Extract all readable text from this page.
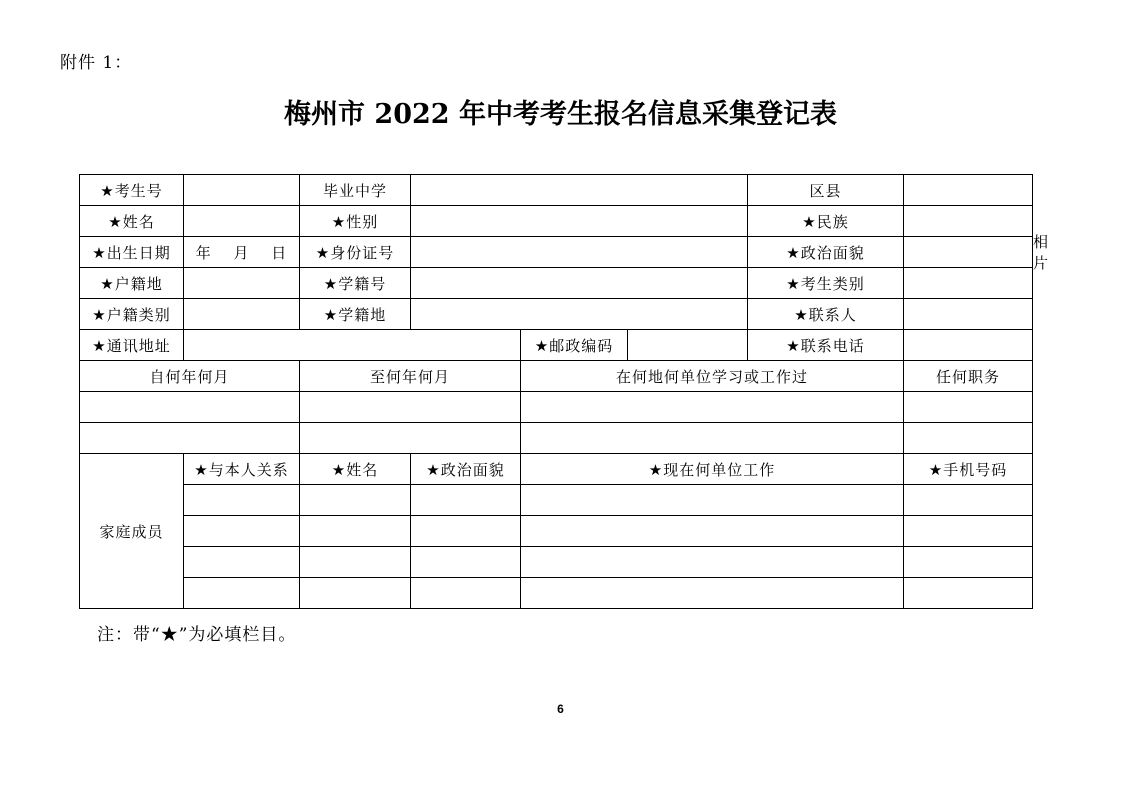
附件 1：
梅州市 2022 年中考考生报名信息采集登记表
★考生号		毕业中学				区县		相片
★姓名		★性别				★民族		
★出生日期	年　 月　 日	★身份证号				★政治面貌		
★户籍地		★学籍号				★考生类别		
★户籍类别		★学籍地				★联系人		
★通讯地址				★邮政编码		★联系电话		
自何年何月		至何年何月		在何地何单位学习或工作过			任何职务	

家庭成员	★与本人关系	★姓名	★政治面貌	★现在何单位工作			★手机号码	

注：带“★”为必填栏目。
6
